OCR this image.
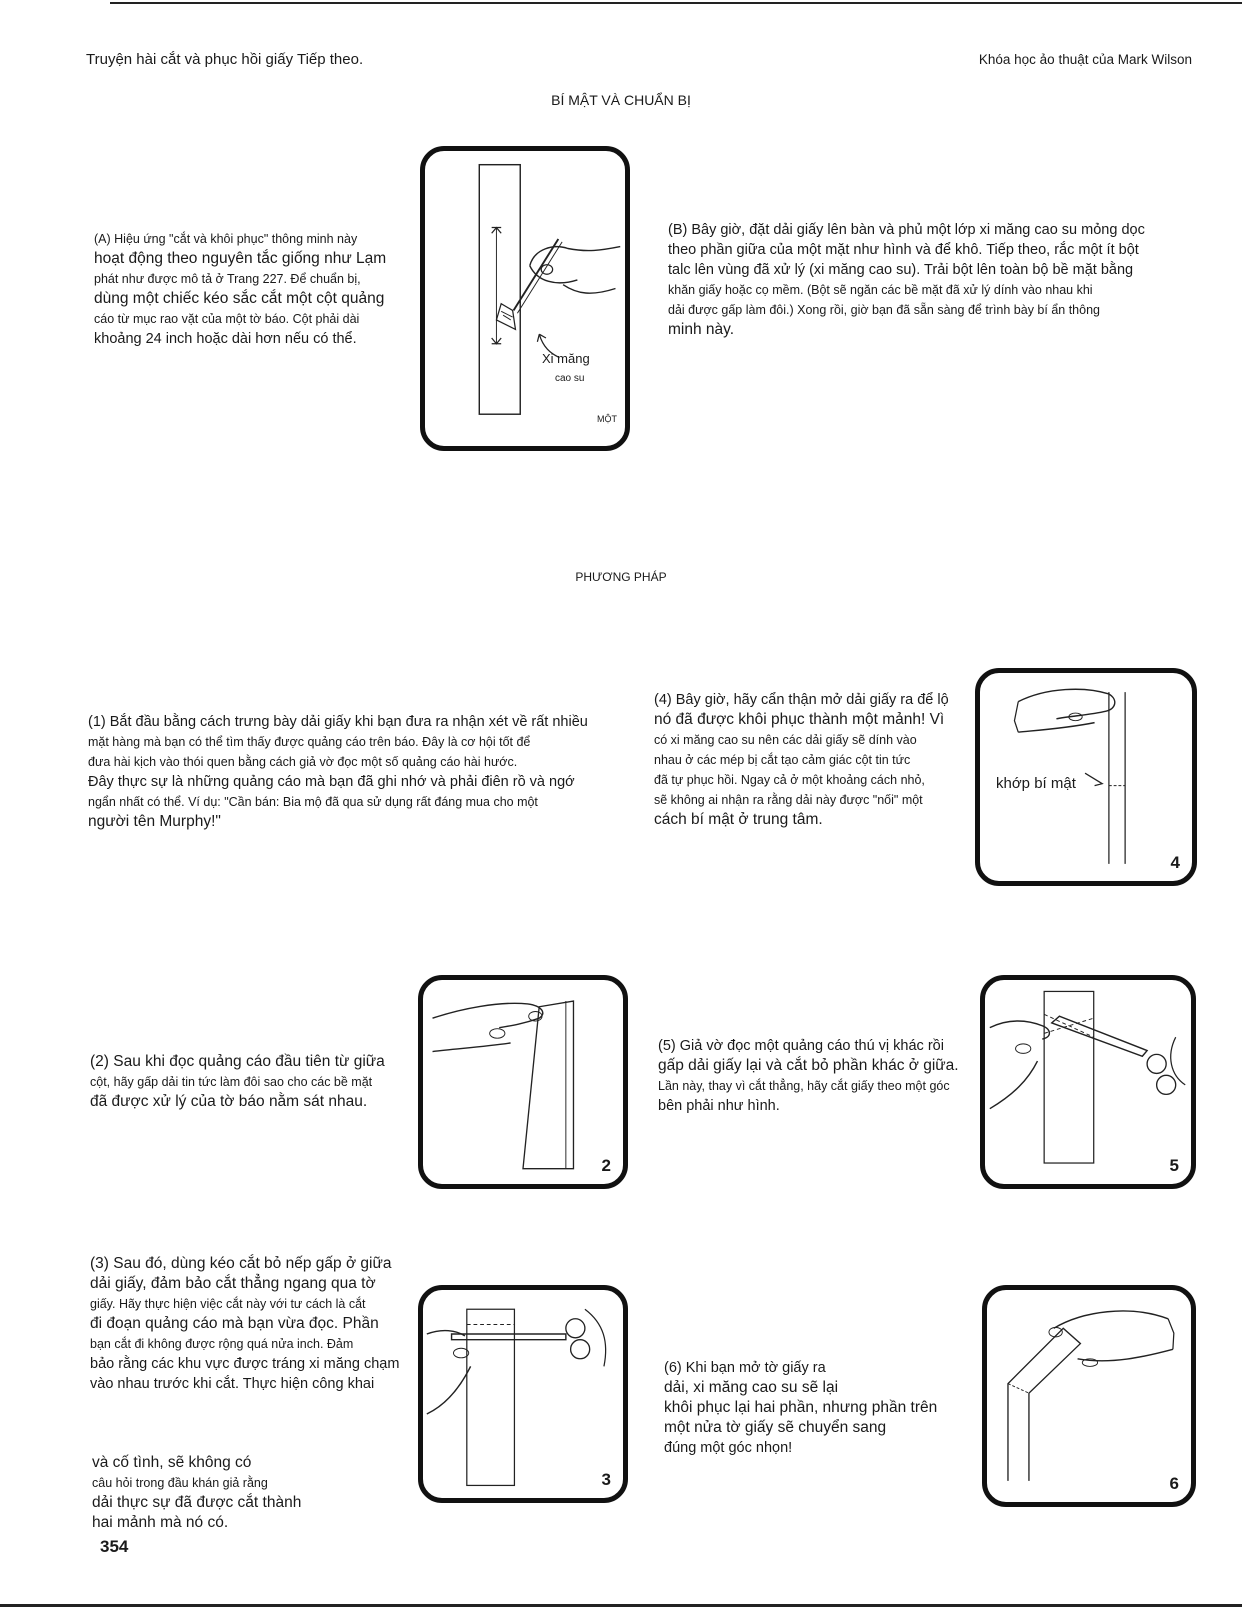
Truyện hài cắt và phục hồi giấy Tiếp theo.	Khóa học ảo thuật của Mark Wilson
BÍ MẬT VÀ CHUẨN BỊ
(A) Hiệu ứng "cắt và khôi phục" thông minh này
hoạt động theo nguyên tắc giống như Lạm
phát như được mô tả ở Trang 227. Để chuẩn bị,
dùng một chiếc kéo sắc cắt một cột quảng
cáo từ mục rao vặt của một tờ báo. Cột phải dài
khoảng 24 inch hoặc dài hơn nếu có thể.
Xi măng
cao su
MỘT
(B) Bây giờ, đặt dải giấy lên bàn và phủ một lớp xi măng cao su mỏng dọc
theo phần giữa của một mặt như hình và để khô. Tiếp theo, rắc một ít bột
talc lên vùng đã xử lý (xi măng cao su). Trải bột lên toàn bộ bề mặt bằng
khăn giấy hoặc cọ mềm. (Bột sẽ ngăn các bề mặt đã xử lý dính vào nhau khi
dải được gấp làm đôi.) Xong rồi, giờ bạn đã sẵn sàng để trình bày bí ẩn thông
minh này.
PHƯƠNG PHÁP
(1) Bắt đầu bằng cách trưng bày dải giấy khi bạn đưa ra nhận xét về rất nhiều
mặt hàng mà bạn có thể tìm thấy được quảng cáo trên báo. Đây là cơ hội tốt để
đưa hài kịch vào thói quen bằng cách giả vờ đọc một số quảng cáo hài hước.
Đây thực sự là những quảng cáo mà bạn đã ghi nhớ và phải điên rồ và ngớ
ngẩn nhất có thể. Ví dụ: "Cần bán: Bia mộ đã qua sử dụng rất đáng mua cho một
người tên Murphy!"
(4) Bây giờ, hãy cẩn thận mở dải giấy ra để lộ
nó đã được khôi phục thành một mảnh! Vì
có xi măng cao su nên các dải giấy sẽ dính vào
nhau ở các mép bị cắt tạo cảm giác cột tin tức
đã tự phục hồi. Ngay cả ở một khoảng cách nhỏ,
sẽ không ai nhận ra rằng dải này được "nối" một
cách bí mật ở trung tâm.
khớp bí mật
4
(2) Sau khi đọc quảng cáo đầu tiên từ giữa
cột, hãy gấp dải tin tức làm đôi sao cho các bề mặt
đã được xử lý của tờ báo nằm sát nhau.
2
(5) Giả vờ đọc một quảng cáo thú vị khác rồi
gấp dải giấy lại và cắt bỏ phần khác ở giữa.
Lần này, thay vì cắt thẳng, hãy cắt giấy theo một góc
bên phải như hình.
5
(3) Sau đó, dùng kéo cắt bỏ nếp gấp ở giữa
dải giấy, đảm bảo cắt thẳng ngang qua tờ
giấy. Hãy thực hiện việc cắt này với tư cách là cắt
đi đoạn quảng cáo mà bạn vừa đọc. Phần
bạn cắt đi không được rộng quá nửa inch. Đảm
bảo rằng các khu vực được tráng xi măng chạm
vào nhau trước khi cắt. Thực hiện công khai
và cố tình, sẽ không có
câu hỏi trong đầu khán giả rằng
dải thực sự đã được cắt thành
hai mảnh mà nó có.
3
(6) Khi bạn mở tờ giấy ra
dải, xi măng cao su sẽ lại
khôi phục lại hai phần, nhưng phần trên
một nửa tờ giấy sẽ chuyển sang
đúng một góc nhọn!
6
354
